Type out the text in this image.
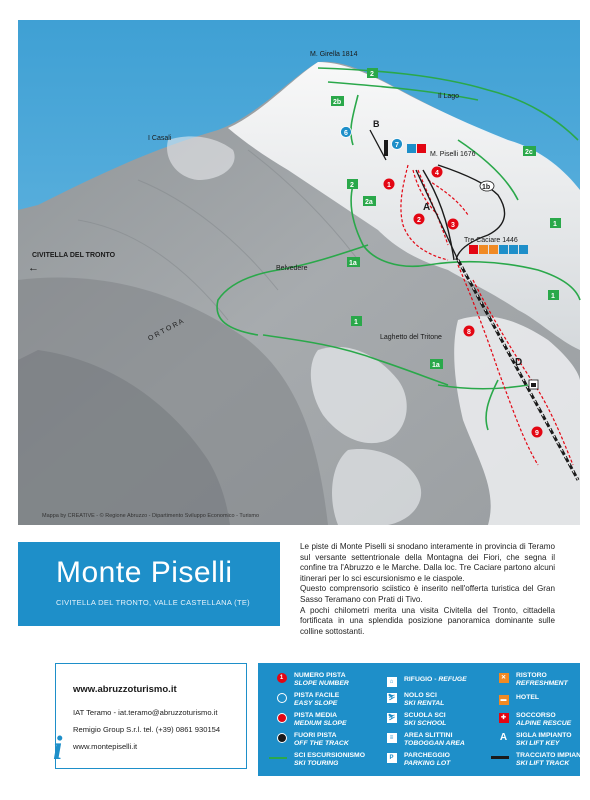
M. Girella 1814
Il Lago
I Casali
M. Piselli 1676
Tre Caciare 1446
Belvedere
Laghetto del Tritone
O R T O R A
CIVITELLA DEL TRONTO
←
A
B
D
1
2
3
4
6
7
8
9
2
2
2b
2a
2c
1
1a
1a
1
1
1b
Mappa by CREATIVE - © Regione Abruzzo - Dipartimento Sviluppo Economico - Turismo
Monte Piselli
CIVITELLA DEL TRONTO, VALLE CASTELLANA (TE)

Le piste di Monte Piselli si snodano interamente in provincia di Teramo sul versante settentrionale della Montagna dei Fiori, che segna il confine tra l'Abruzzo e le Marche. Dalla loc. Tre Caciare partono alcuni itinerari per lo sci escursionismo e le ciaspole.

Questo comprensorio sciistico è inserito nell'offerta turistica del Gran Sasso Teramano con Prati di Tivo.

A pochi chilometri merita una visita Civitella del Tronto, cittadella fortificata in una splendida posizione panoramica dominante sulle colline sottostanti.

www.abruzzoturismo.it
IAT Teramo - iat.teramo@abruzzoturismo.it
Remigio Group S.r.l. tel. (+39) 0861 930154
www.montepiselli.it
i
1	NUMERO PISTA
SLOPE NUMBER
PISTA FACILE
EASY SLOPE
PISTA MEDIA
MEDIUM SLOPE
FUORI PISTA
OFF THE TRACK
SCI ESCURSIONISMO
SKI TOURING
⌂	RIFUGIO - REFUGE
⛷ NOLO SCI
SKI RENTAL
⛷ SCUOLA SCI
SKI SCHOOL
≡	AREA SLITTINI
TOBOGGAN AREA
P	PARCHEGGIO
PARKING LOT
✕	RISTORO
REFRESHMENT
▬ HOTEL
✚	SOCCORSO
ALPINE RESCUE
A SIGLA IMPIANTO
SKI LIFT KEY
TRACCIATO IMPIANTO
SKI LIFT TRACK
